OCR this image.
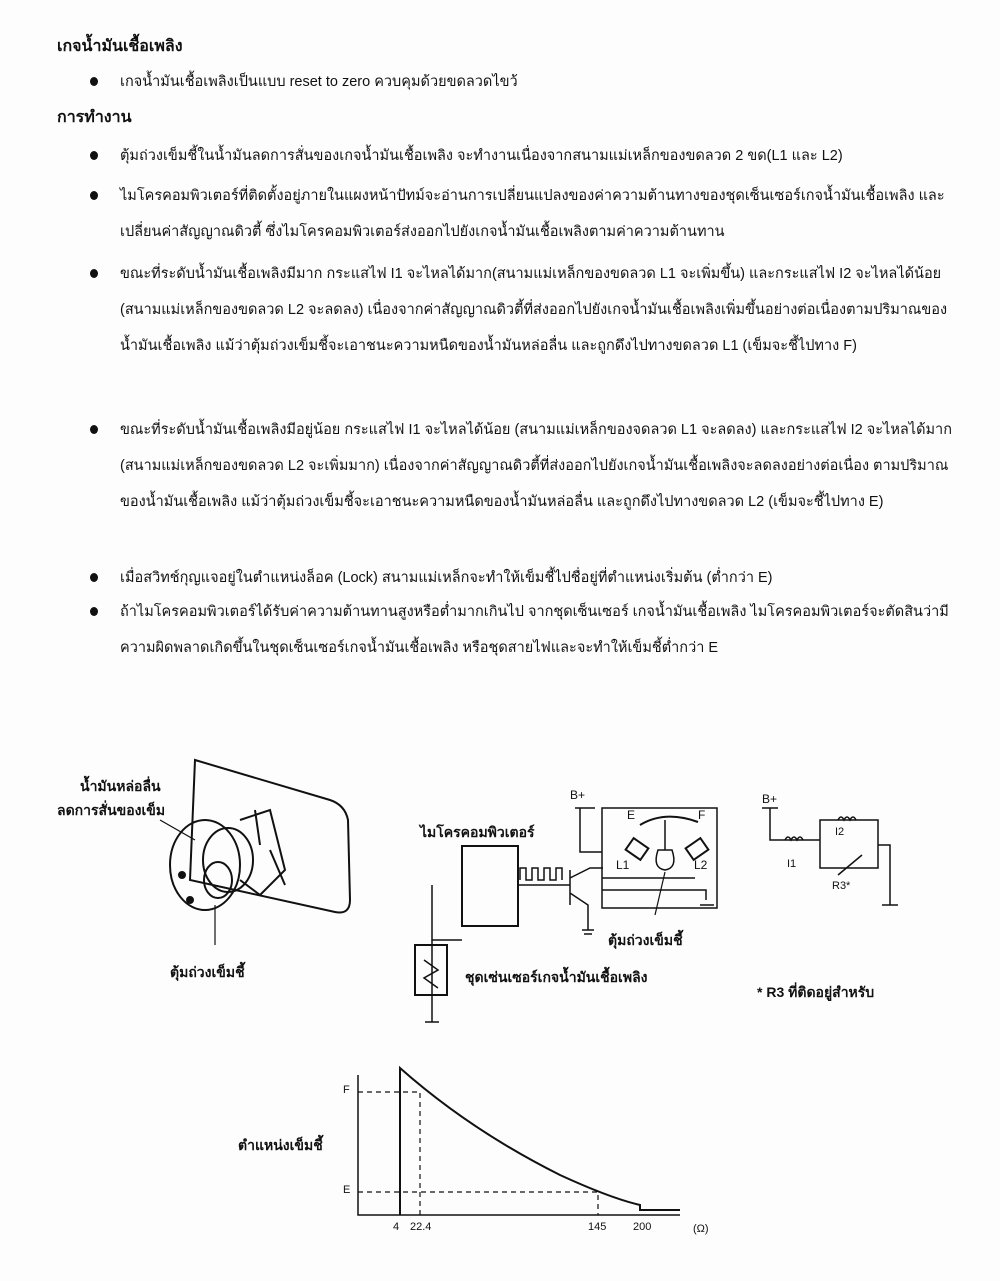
เกจน้ำมันเชื้อเพลิง
เกจน้ำมันเชื้อเพลิงเป็นแบบ reset to zero ควบคุมด้วยขดลวดไขว้
การทำงาน
ตุ้มถ่วงเข็มชี้ในน้ำมันลดการสั่นของเกจน้ำมันเชื้อเพลิง จะทำงานเนื่องจากสนามแม่เหล็กของขดลวด 2 ขด(L1 และ L2)
ไมโครคอมพิวเตอร์ที่ติดตั้งอยู่ภายในแผงหน้าปัทม์จะอ่านการเปลี่ยนแปลงของค่าความต้านทางของชุดเซ็นเซอร์เกจน้ำมันเชื้อเพลิง และเปลี่ยนค่าสัญญาณดิวตี้ ซึ่งไมโครคอมพิวเตอร์ส่งออกไปยังเกจน้ำมันเชื้อเพลิงตามค่าความต้านทาน
ขณะที่ระดับน้ำมันเชื้อเพลิงมีมาก กระแสไฟ I1 จะไหลได้มาก(สนามแม่เหล็กของขดลวด L1 จะเพิ่มขึ้น) และกระแสไฟ I2 จะไหลได้น้อย (สนามแม่เหล็กของขดลวด L2 จะลดลง) เนื่องจากค่าสัญญาณดิวตี้ที่ส่งออกไปยังเกจน้ำมันเชื้อเพลิงเพิ่มขึ้นอย่างต่อเนื่องตามปริมาณของน้ำมันเชื้อเพลิง แม้ว่าตุ้มถ่วงเข็มชี้จะเอาชนะความหนืดของน้ำมันหล่อลื่น และถูกดึงไปทางขดลวด L1 (เข็มจะชี้ไปทาง F)
ขณะที่ระดับน้ำมันเชื้อเพลิงมีอยู่น้อย กระแสไฟ I1 จะไหลได้น้อย (สนามแม่เหล็กของจดลวด L1 จะลดลง) และกระแสไฟ I2 จะไหลได้มาก (สนามแม่เหล็กของขดลวด L2 จะเพิ่มมาก) เนื่องจากค่าสัญญาณดิวตี้ที่ส่งออกไปยังเกจน้ำมันเชื้อเพลิงจะลดลงอย่างต่อเนื่อง ตามปริมาณของน้ำมันเชื้อเพลิง แม้ว่าตุ้มถ่วงเข็มชี้จะเอาชนะความหนืดของน้ำมันหล่อลื่น และถูกดึงไปทางขดลวด L2 (เข็มจะชี้ไปทาง E)
เมื่อสวิทช์กุญแจอยู่ในตำแหน่งล็อค (Lock) สนามแม่เหล็กจะทำให้เข็มชี้ไปชื่อยู่ที่ตำแหน่งเริ่มต้น (ต่ำกว่า E)
ถ้าไมโครคอมพิวเตอร์ได้รับค่าความต้านทานสูงหรือต่ำมากเกินไป จากชุดเซ็นเซอร์ เกจน้ำมันเชื้อเพลิง ไมโครคอมพิวเตอร์จะตัดสินว่ามีความผิดพลาดเกิดขึ้นในชุดเซ็นเซอร์เกจน้ำมันเชื้อเพลิง หรือชุดสายไฟและจะทำให้เข็มชี้ต่ำกว่า E
น้ำมันหล่อลื่น
ลดการสั่นของเข็ม
ตุ้มถ่วงเข็มชี้
B+
ไมโครคอมพิวเตอร์
E	F
L1	L2
ตุ้มถ่วงเข็มชี้
ชุดเซ่นเซอร์เกจน้ำมันเชื้อเพลิง
B+
I1
I2
R3*
* R3 ที่ติดอยู่สำหรับ
ตำแหน่งเข็มชี้
F
E
4 22.4	145 200	(Ω)
